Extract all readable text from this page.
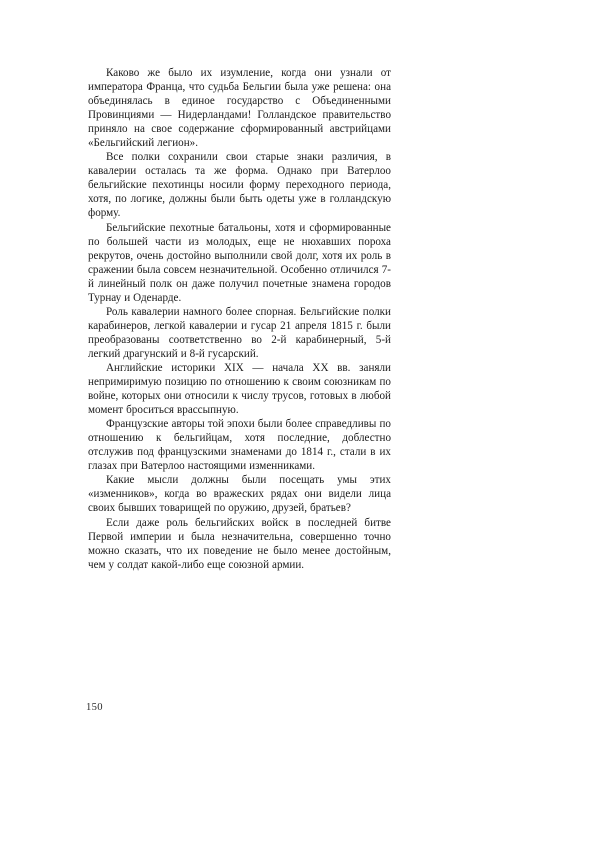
Каково же было их изумление, когда они узнали от императора Франца, что судьба Бельгии была уже решена: она объединялась в единое государство с Объединенными Провинциями — Нидерландами! Голландское правительство приняло на свое содержание сформированный австрийцами «Бельгийский легион».

Все полки сохранили свои старые знаки различия, в кавалерии осталась та же форма. Однако при Ватерлоо бельгийские пехотинцы носили форму переходного периода, хотя, по логике, должны были быть одеты уже в голландскую форму.

Бельгийские пехотные батальоны, хотя и сформированные по большей части из молодых, еще не нюхавших пороха рекрутов, очень достойно выполнили свой долг, хотя их роль в сражении была совсем незначительной. Особенно отличился 7-й линейный полк он даже получил почетные знамена городов Турнау и Оденарде.

Роль кавалерии намного более спорная. Бельгийские полки карабинеров, легкой кавалерии и гусар 21 апреля 1815 г. были преобразованы соответственно во 2-й карабинерный, 5-й легкий драгунский и 8-й гусарский.

Английские историки XIX — начала XX вв. заняли непримиримую позицию по отношению к своим союзникам по войне, которых они относили к числу трусов, готовых в любой момент броситься врассыпную.

Французские авторы той эпохи были более справедливы по отношению к бельгийцам, хотя последние, доблестно отслужив под французскими знаменами до 1814 г., стали в их глазах при Ватерлоо настоящими изменниками.

Какие мысли должны были посещать умы этих «изменников», когда во вражеских рядах они видели лица своих бывших товарищей по оружию, друзей, братьев?

Если даже роль бельгийских войск в последней битве Первой империи и была незначительна, совершенно точно можно сказать, что их поведение не было менее достойным, чем у солдат какой-либо еще союзной армии.

150
